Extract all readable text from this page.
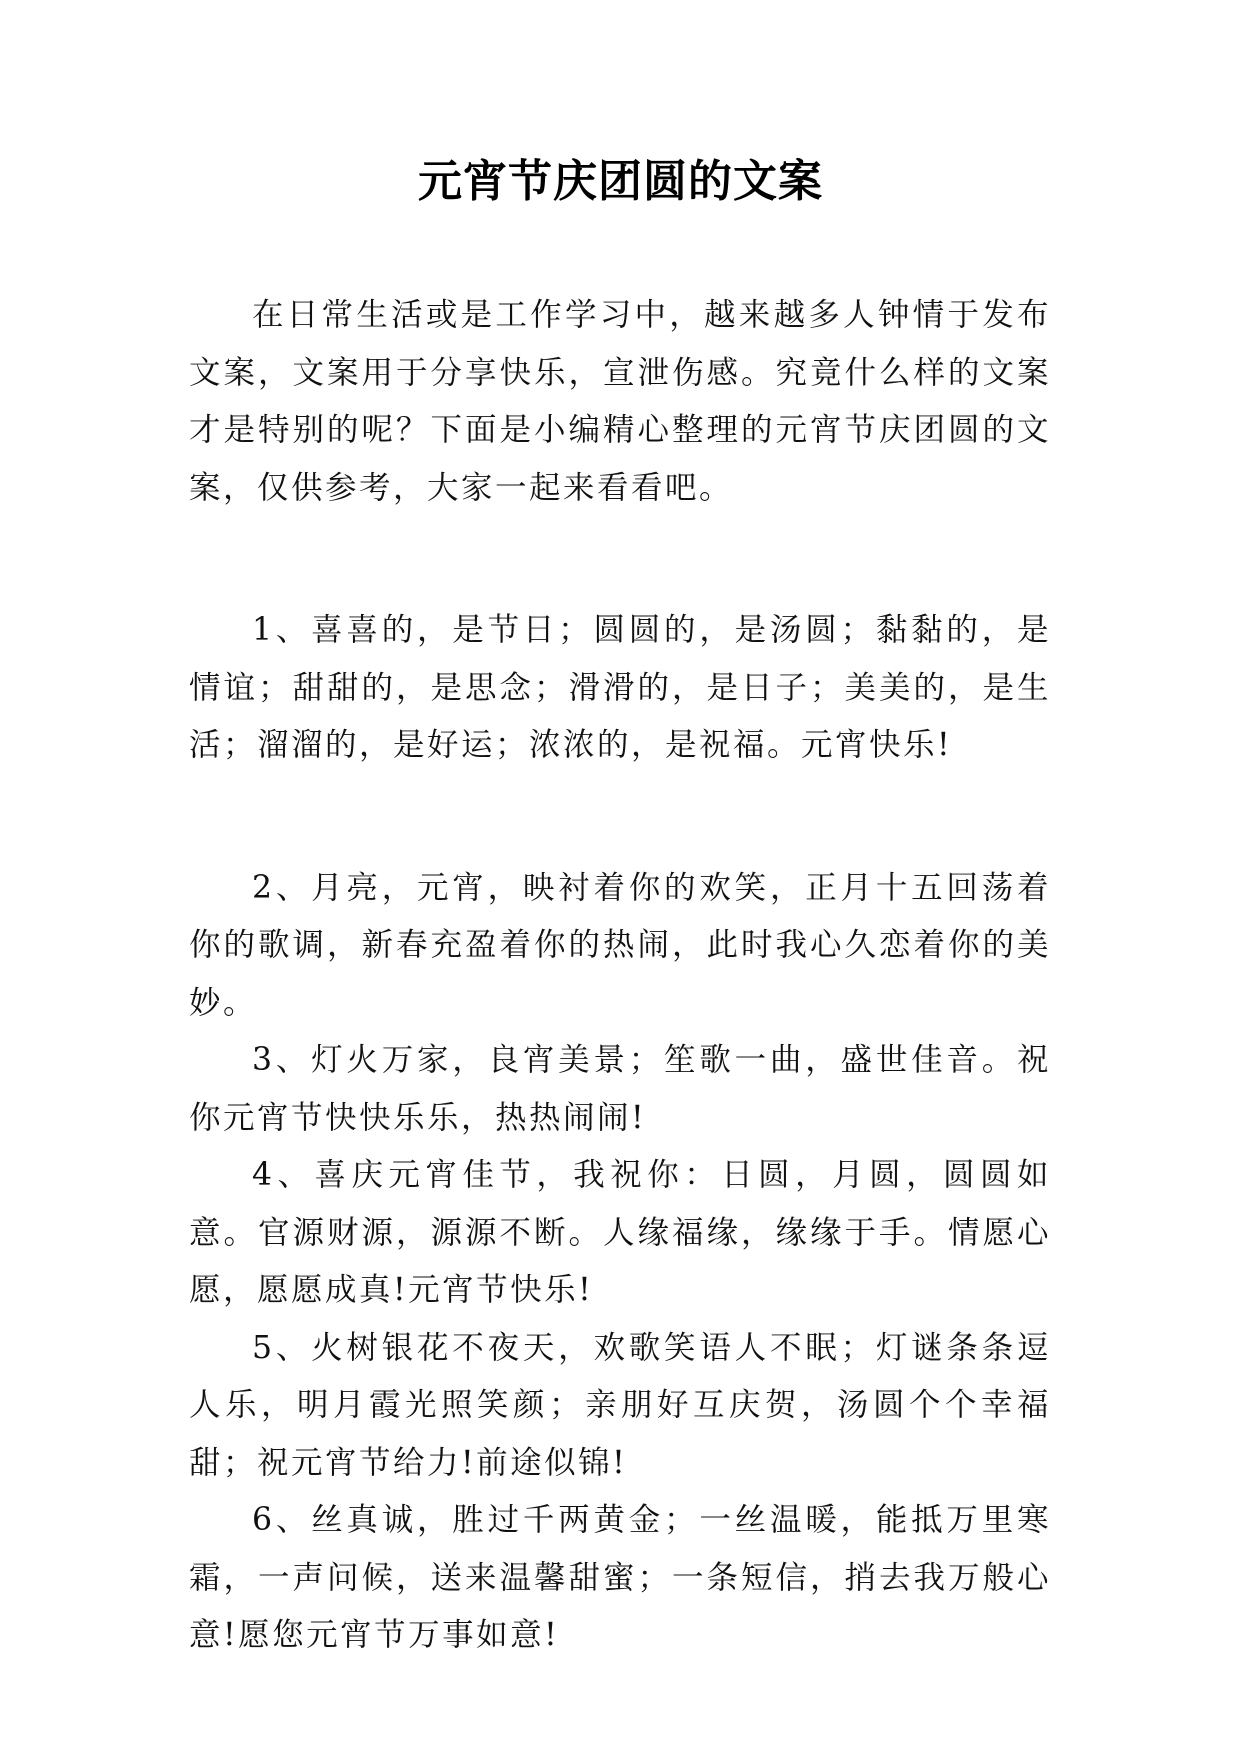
元宵节庆团圆的文案

在日常生活或是工作学习中，越来越多人钟情于发布文案，文案用于分享快乐，宣泄伤感。究竟什么样的文案才是特别的呢？下面是小编精心整理的元宵节庆团圆的文案，仅供参考，大家一起来看看吧。

1、喜喜的，是节日；圆圆的，是汤圆；黏黏的，是情谊；甜甜的，是思念；滑滑的，是日子；美美的，是生活；溜溜的，是好运；浓浓的，是祝福。元宵快乐!

2、月亮，元宵，映衬着你的欢笑，正月十五回荡着你的歌调，新春充盈着你的热闹，此时我心久恋着你的美妙。

3、灯火万家，良宵美景；笙歌一曲，盛世佳音。祝你元宵节快快乐乐，热热闹闹!

4、喜庆元宵佳节，我祝你：日圆，月圆，圆圆如意。官源财源，源源不断。人缘福缘，缘缘于手。情愿心愿，愿愿成真!元宵节快乐!

5、火树银花不夜天，欢歌笑语人不眠；灯谜条条逗人乐，明月霞光照笑颜；亲朋好互庆贺，汤圆个个幸福甜；祝元宵节给力!前途似锦!

6、丝真诚，胜过千两黄金；一丝温暖，能抵万里寒霜，一声问候，送来温馨甜蜜；一条短信，捎去我万般心意!愿您元宵节万事如意!
